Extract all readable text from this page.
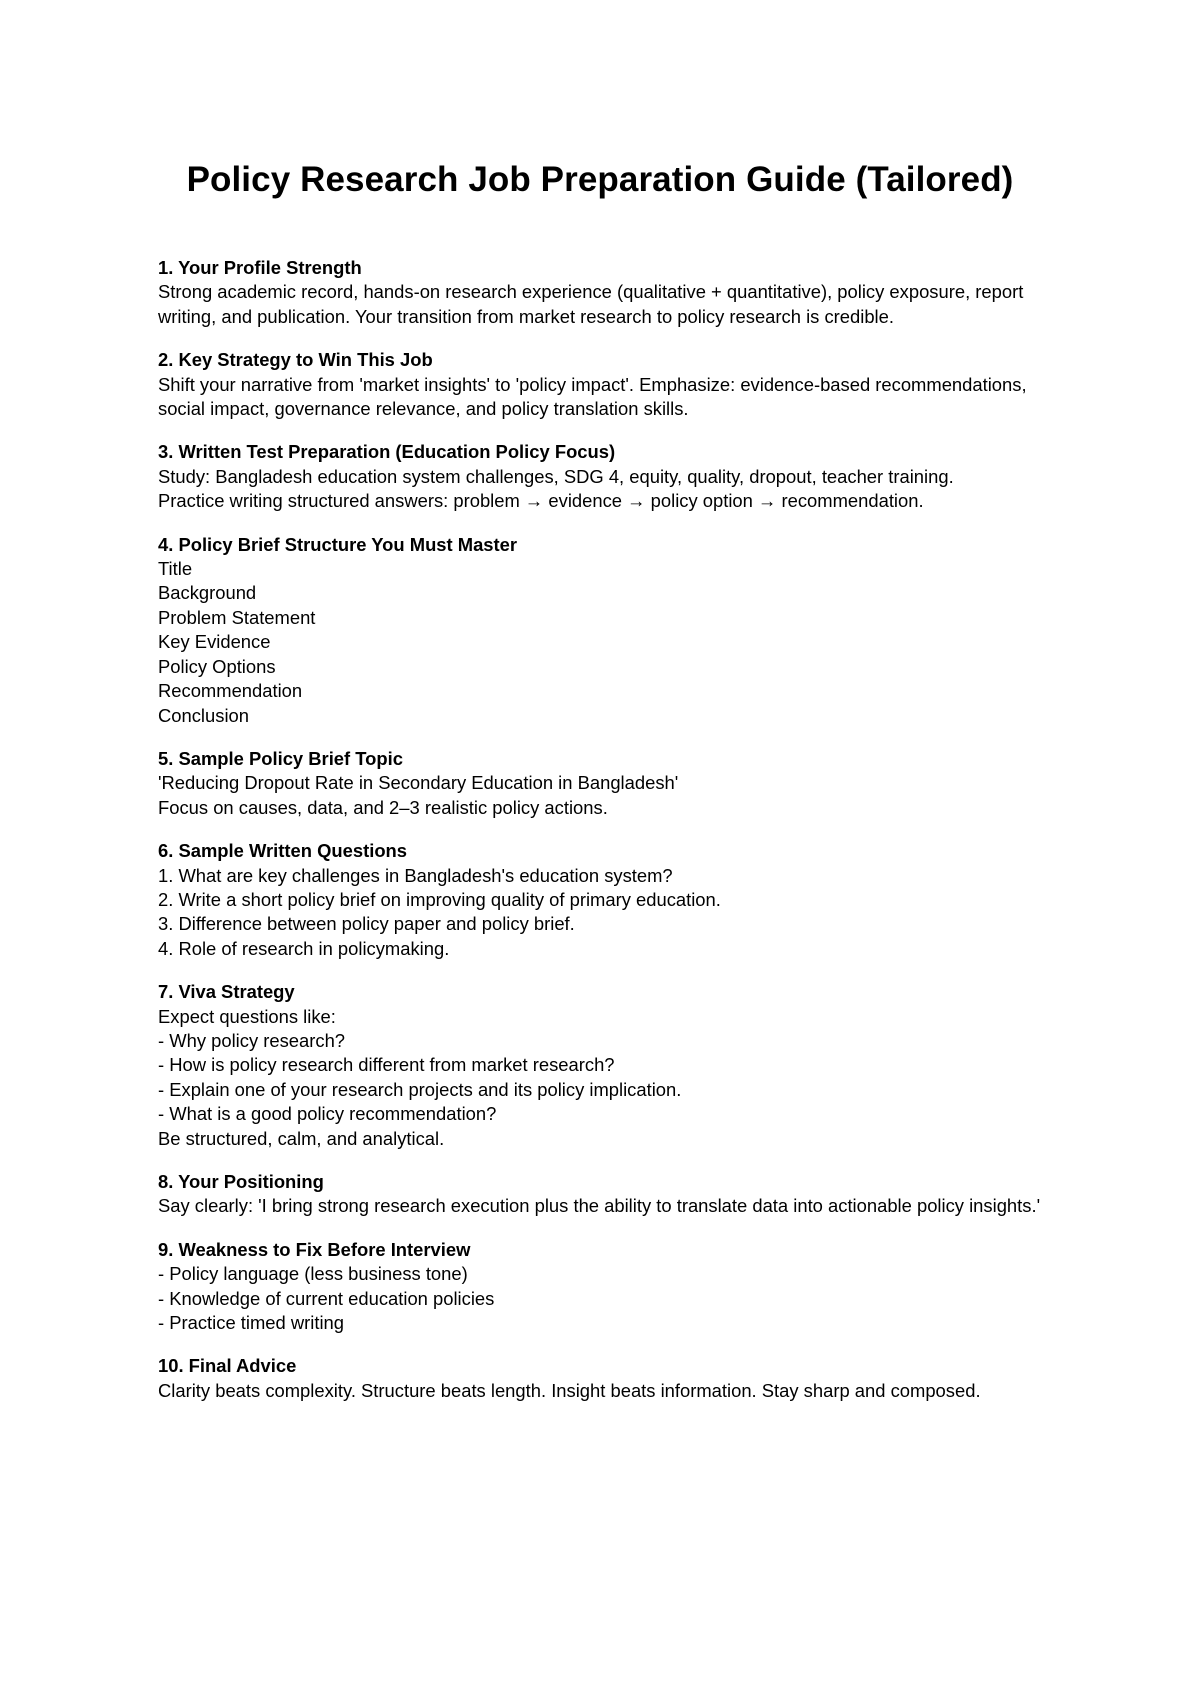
Policy Research Job Preparation Guide (Tailored)

1. Your Profile Strength

Strong academic record, hands-on research experience (qualitative + quantitative), policy exposure, report writing, and publication. Your transition from market research to policy research is credible.

2. Key Strategy to Win This Job

Shift your narrative from 'market insights' to 'policy impact'. Emphasize: evidence-based recommendations, social impact, governance relevance, and policy translation skills.

3. Written Test Preparation (Education Policy Focus)

Study: Bangladesh education system challenges, SDG 4, equity, quality, dropout, teacher training.

Practice writing structured answers: problem → evidence → policy option → recommendation.

4. Policy Brief Structure You Must Master

Title

Background

Problem Statement

Key Evidence

Policy Options

Recommendation

Conclusion

5. Sample Policy Brief Topic

'Reducing Dropout Rate in Secondary Education in Bangladesh'

Focus on causes, data, and 2–3 realistic policy actions.

6. Sample Written Questions

1. What are key challenges in Bangladesh's education system?

2. Write a short policy brief on improving quality of primary education.

3. Difference between policy paper and policy brief.

4. Role of research in policymaking.

7. Viva Strategy

Expect questions like:

- Why policy research?

- How is policy research different from market research?

- Explain one of your research projects and its policy implication.

- What is a good policy recommendation?

Be structured, calm, and analytical.

8. Your Positioning

Say clearly: 'I bring strong research execution plus the ability to translate data into actionable policy insights.'

9. Weakness to Fix Before Interview

- Policy language (less business tone)

- Knowledge of current education policies

- Practice timed writing

10. Final Advice

Clarity beats complexity. Structure beats length. Insight beats information. Stay sharp and composed.
